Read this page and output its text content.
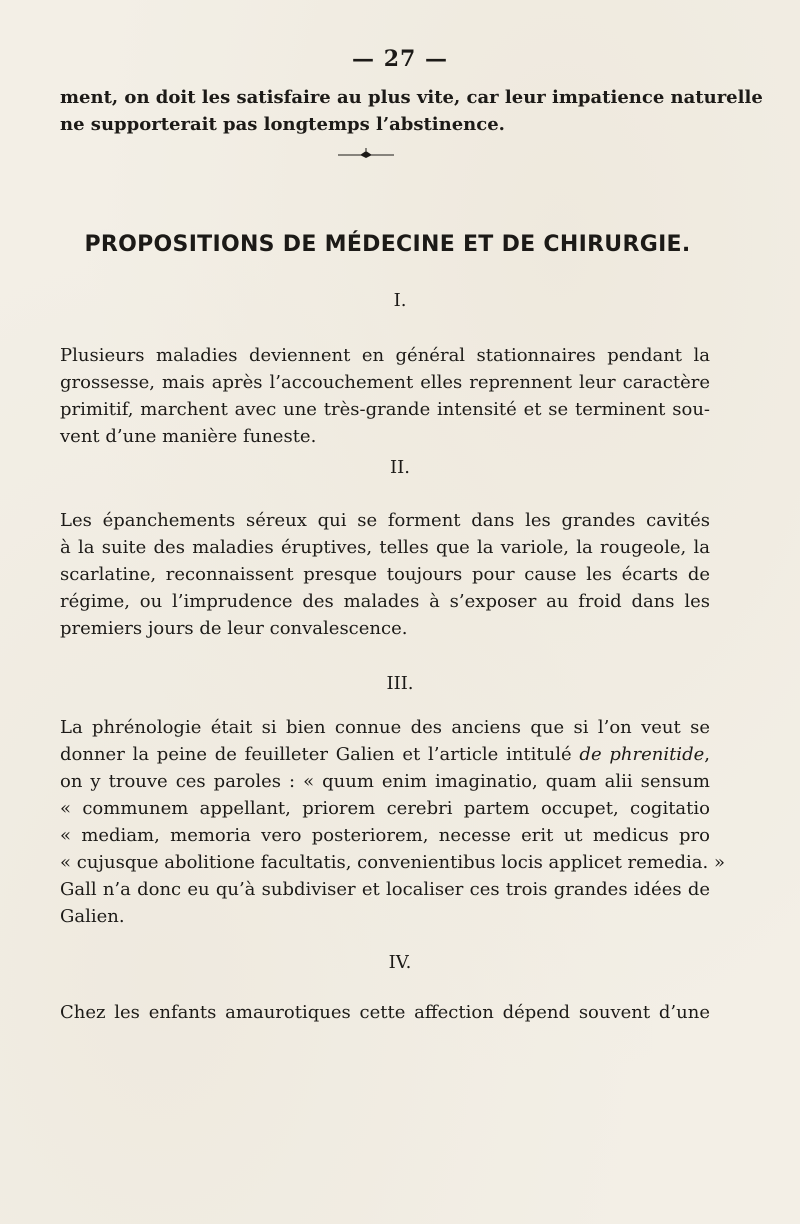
— 27 —
ment, on doit les satisfaire au plus vite, car leur impatience naturelle
ne supporterait pas longtemps l’abstinence.
PROPOSITIONS DE MÉDECINE ET DE CHIRURGIE.
I.
Plusieurs maladies deviennent en général stationnaires pendant la
grossesse, mais après l’accouchement elles reprennent leur caractère
primitif, marchent avec une très-grande intensité et se terminent sou-
vent d’une manière funeste.
II.
Les épanchements séreux qui se forment dans les grandes cavités
à la suite des maladies éruptives, telles que la variole, la rougeole, la
scarlatine, reconnaissent presque toujours pour cause les écarts de
régime, ou l’imprudence des malades à s’exposer au froid dans les
premiers jours de leur convalescence.
III.
La phrénologie était si bien connue des anciens que si l’on veut se
donner la peine de feuilleter Galien et l’article intitulé de phrenitide,
on y trouve ces paroles : « quum enim imaginatio, quam alii sensum
« communem appellant, priorem cerebri partem occupet, cogitatio
« mediam, memoria vero posteriorem, necesse erit ut medicus pro
« cujusque abolitione facultatis, convenientibus locis applicet remedia. »
Gall n’a donc eu qu’à subdiviser et localiser ces trois grandes idées de
Galien.
IV.
Chez les enfants amaurotiques cette affection dépend souvent d’une
